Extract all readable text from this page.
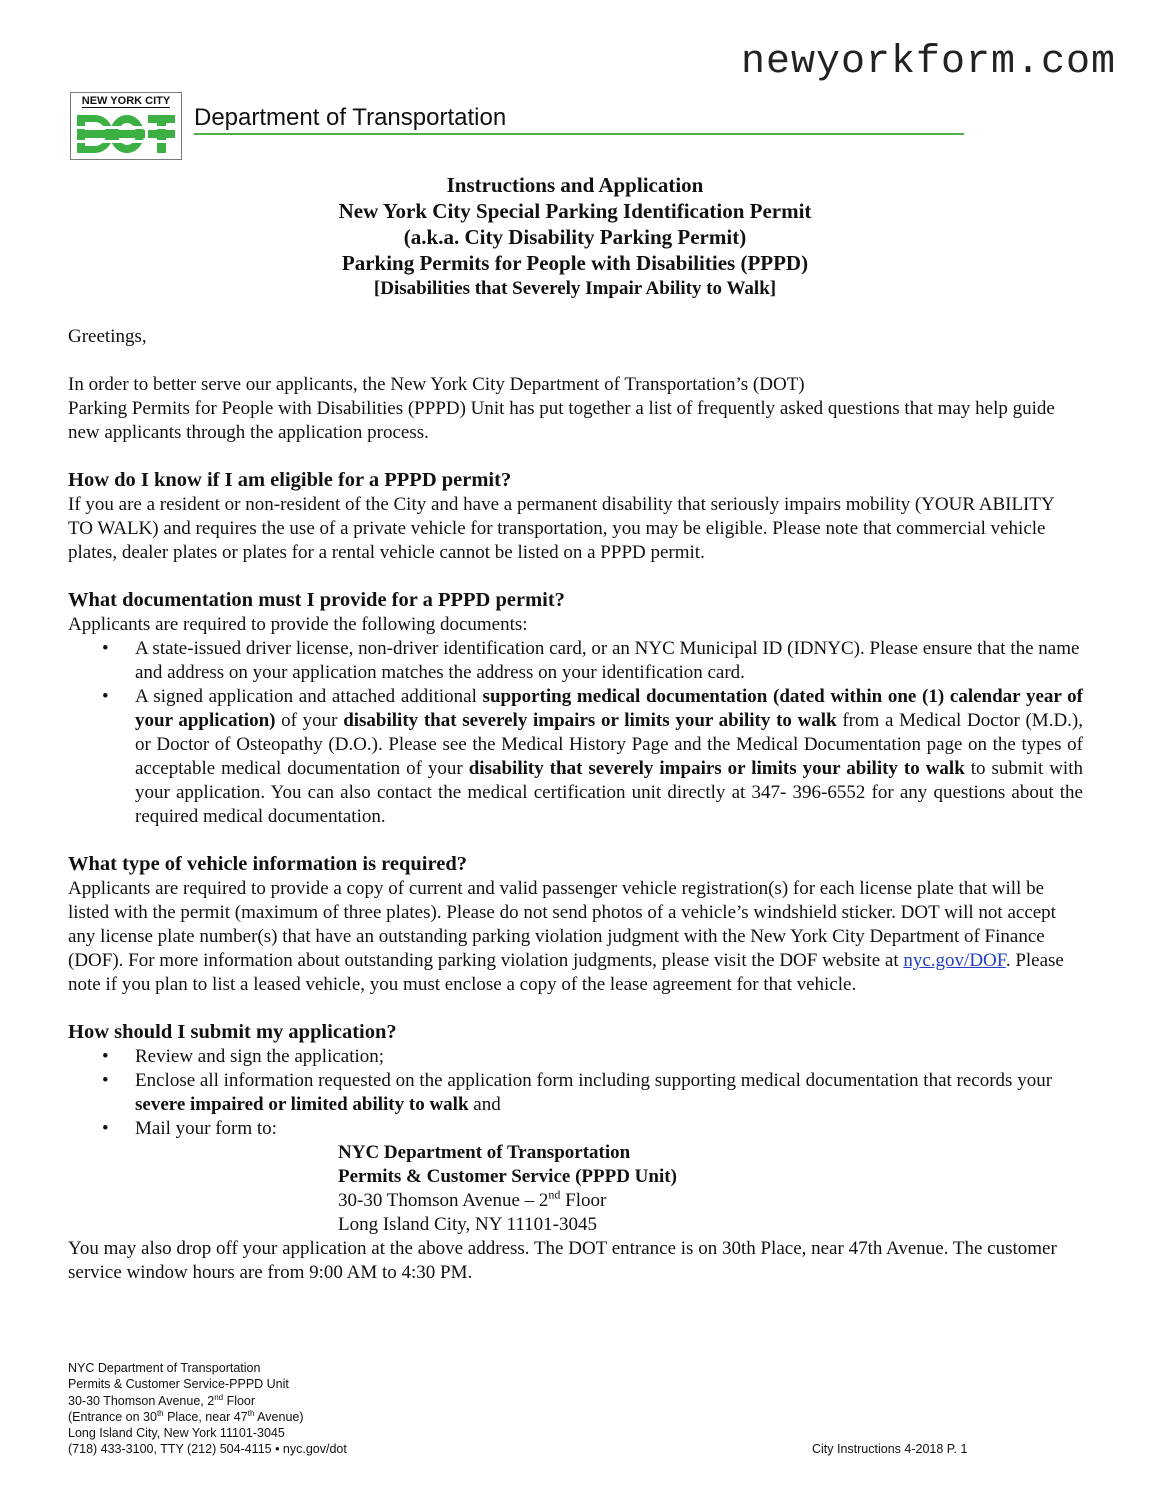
newyorkform.com
NEW YORK CITY
Department of Transportation
Instructions and Application
New York City Special Parking Identification Permit
(a.k.a. City Disability Parking Permit)
Parking Permits for People with Disabilities (PPPD)
[Disabilities that Severely Impair Ability to Walk]

Greetings,

In order to better serve our applicants, the New York City Department of Transportation’s (DOT)

Parking Permits for People with Disabilities (PPPD) Unit has put together a list of frequently asked questions that may help guide new applicants through the application process.

How do I know if I am eligible for a PPPD permit?

If you are a resident or non-resident of the City and have a permanent disability that seriously impairs mobility (YOUR ABILITY TO WALK) and requires the use of a private vehicle for transportation, you may be eligible. Please note that commercial vehicle plates, dealer plates or plates for a rental vehicle cannot be listed on a PPPD permit.

What documentation must I provide for a PPPD permit?

Applicants are required to provide the following documents:

• A state-issued driver license, non-driver identification card, or an NYC Municipal ID (IDNYC). Please ensure that the name and address on your application matches the address on your identification card.
• A signed application and attached additional supporting medical documentation (dated within one (1) calendar year of your application) of your disability that severely impairs or limits your ability to walk from a Medical Doctor (M.D.), or Doctor of Osteopathy (D.O.). Please see the Medical History Page and the Medical Documentation page on the types of acceptable medical documentation of your disability that severely impairs or limits your ability to walk to submit with your application. You can also contact the medical certification unit directly at 347- 396-6552 for any questions about the required medical documentation.
What type of vehicle information is required?

Applicants are required to provide a copy of current and valid passenger vehicle registration(s) for each license plate that will be listed with the permit (maximum of three plates). Please do not send photos of a vehicle’s windshield sticker. DOT will not accept any license plate number(s) that have an outstanding parking violation judgment with the New York City Department of Finance (DOF). For more information about outstanding parking violation judgments, please visit the DOF website at nyc.gov/DOF. Please note if you plan to list a leased vehicle, you must enclose a copy of the lease agreement for that vehicle.

How should I submit my application?
• Review and sign the application;
• Enclose all information requested on the application form including supporting medical documentation that records your severe impaired or limited ability to walk and
• Mail your form to:
NYC Department of Transportation
Permits & Customer Service (PPPD Unit)
30-30 Thomson Avenue – 2nd Floor
Long Island City, NY 11101-3045

You may also drop off your application at the above address. The DOT entrance is on 30th Place, near 47th Avenue. The customer service window hours are from 9:00 AM to 4:30 PM.

NYC Department of Transportation
Permits & Customer Service-PPPD Unit
30-30 Thomson Avenue, 2nd Floor
(Entrance on 30th Place, near 47th Avenue)
Long Island City, New York 11101-3045
(718) 433-3100, TTY (212) 504-4115 • nyc.gov/dot	City Instructions 4-2018 P. 1
